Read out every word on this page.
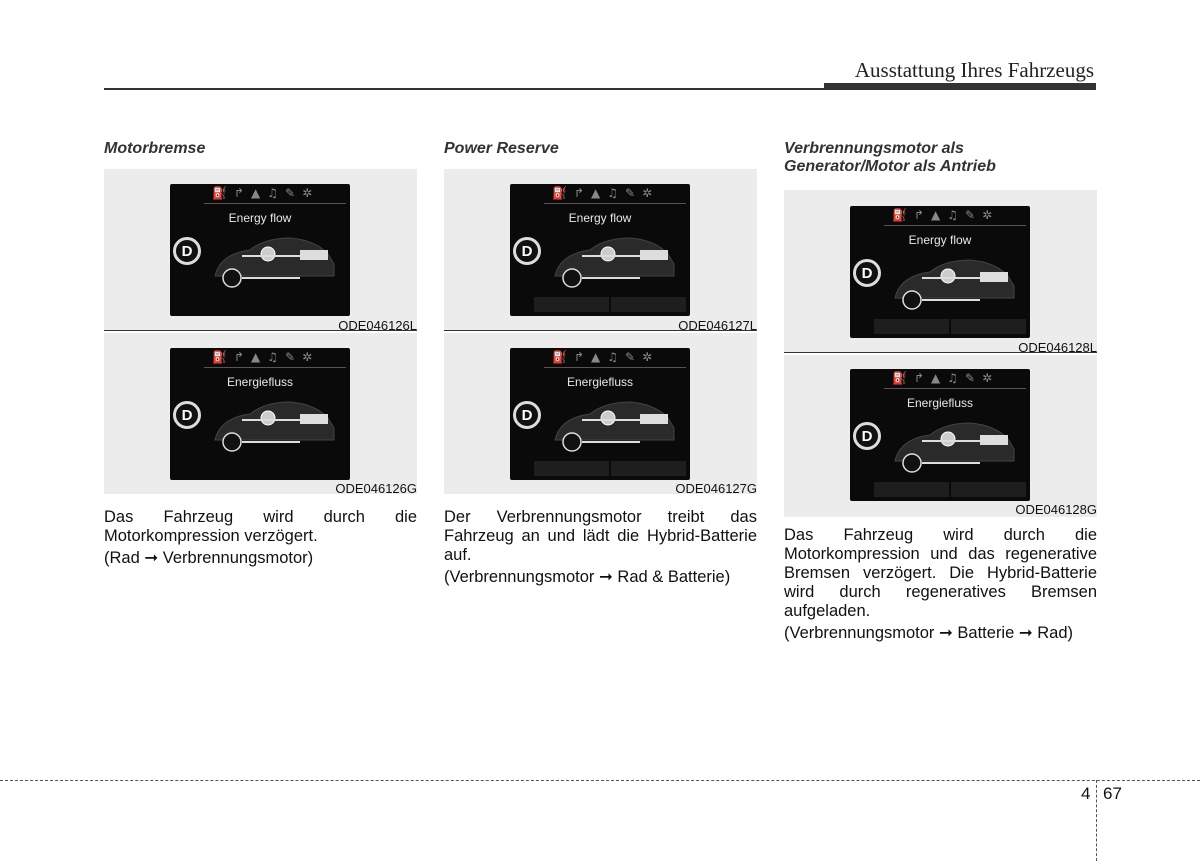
Ausstattung Ihres Fahrzeugs
Motorbremse
⛽ ↱ ▲ ♫ ✎ ✲
Energy flow
D
ODE046126L
⛽ ↱ ▲ ♫ ✎ ✲
Energiefluss
D
ODE046126G
Das Fahrzeug wird durch die Motorkompression verzögert.
(Rad ➞ Verbrennungsmotor)
Power Reserve
⛽ ↱ ▲ ♫ ✎ ✲
Energy flow
D
ODE046127L
⛽ ↱ ▲ ♫ ✎ ✲
Energiefluss
D
ODE046127G
Der Verbrennungsmotor treibt das Fahrzeug an und lädt die Hybrid-Batterie auf.
(Verbrennungsmotor ➞ Rad & Batterie)
Verbrennungsmotor als
Generator/Motor als Antrieb
⛽ ↱ ▲ ♫ ✎ ✲
Energy flow
D
ODE046128L
⛽ ↱ ▲ ♫ ✎ ✲
Energiefluss
D
ODE046128G
Das Fahrzeug wird durch die Motorkompression und das regenerative Bremsen verzögert. Die Hybrid-Batterie wird durch regeneratives Bremsen aufgeladen.
(Verbrennungsmotor ➞ Batterie ➞ Rad)
4 67
